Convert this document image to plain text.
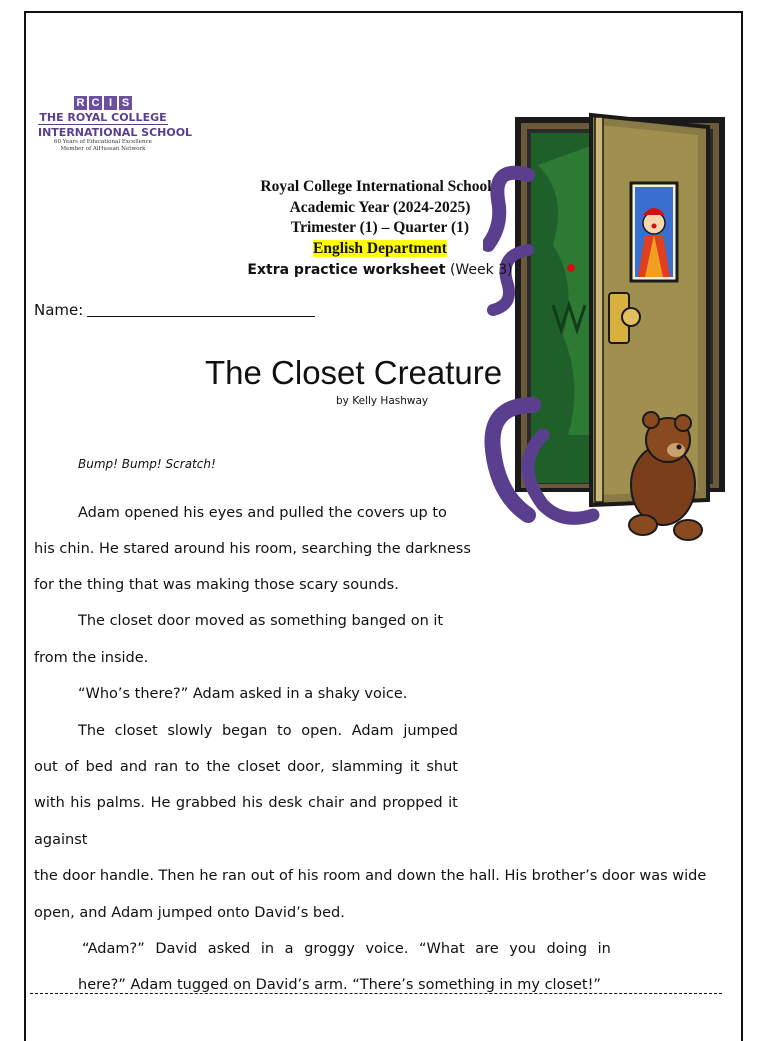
R C I S
THE ROYAL COLLEGE
INTERNATIONAL SCHOOL
60 Years of Educational Excellence
Member of AlHussan Network
Royal College International School
Academic Year (2024-2025)
Trimester (1) – Quarter (1)
English Department
Extra practice worksheet (Week 3)
Name:
The Closet Creature
by Kelly Hashway
Bump! Bump! Scratch!
Adam opened his eyes and pulled the covers up to
his chin. He stared around his room, searching the darkness
for the thing that was making those scary sounds.
The closet door moved as something banged on it
from the inside.
“Who’s there?” Adam asked in a shaky voice.
The closet slowly began to open. Adam jumped
out of bed and ran to the closet door, slamming it shut
with his palms. He grabbed his desk chair and propped it
against
the door handle. Then he ran out of his room and down the hall. His brother’s door was wide
open, and Adam jumped onto David’s bed.
“Adam?” David asked in a groggy voice. “What are you doing in
here?” Adam tugged on David’s arm. “There’s something in my closet!”
